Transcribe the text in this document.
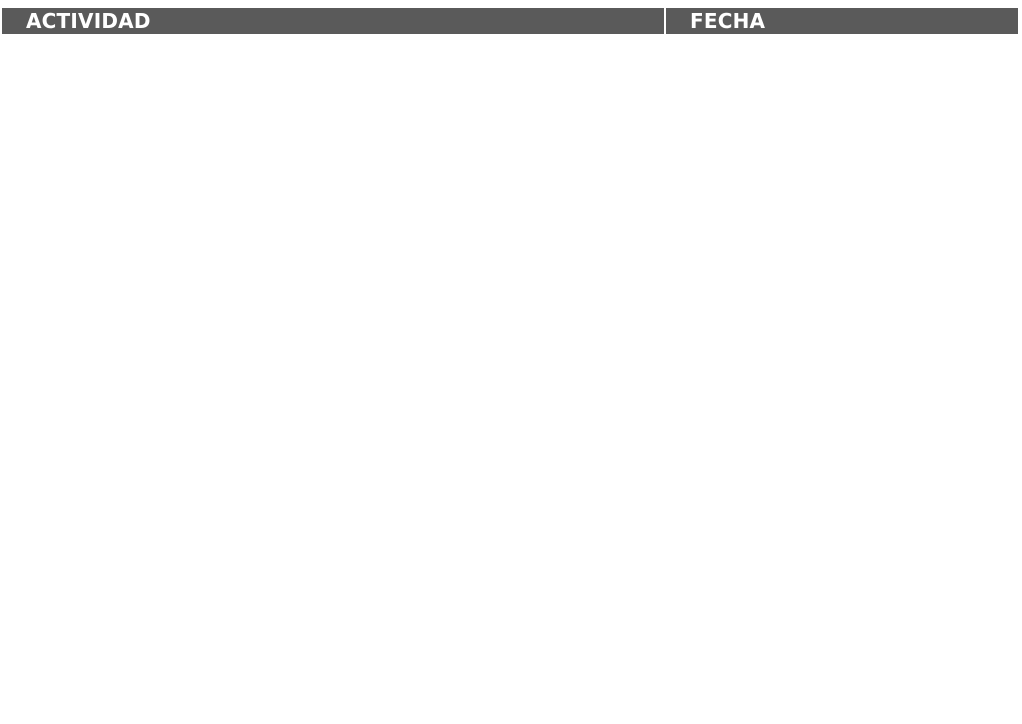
ACTIVIDAD	FECHA
